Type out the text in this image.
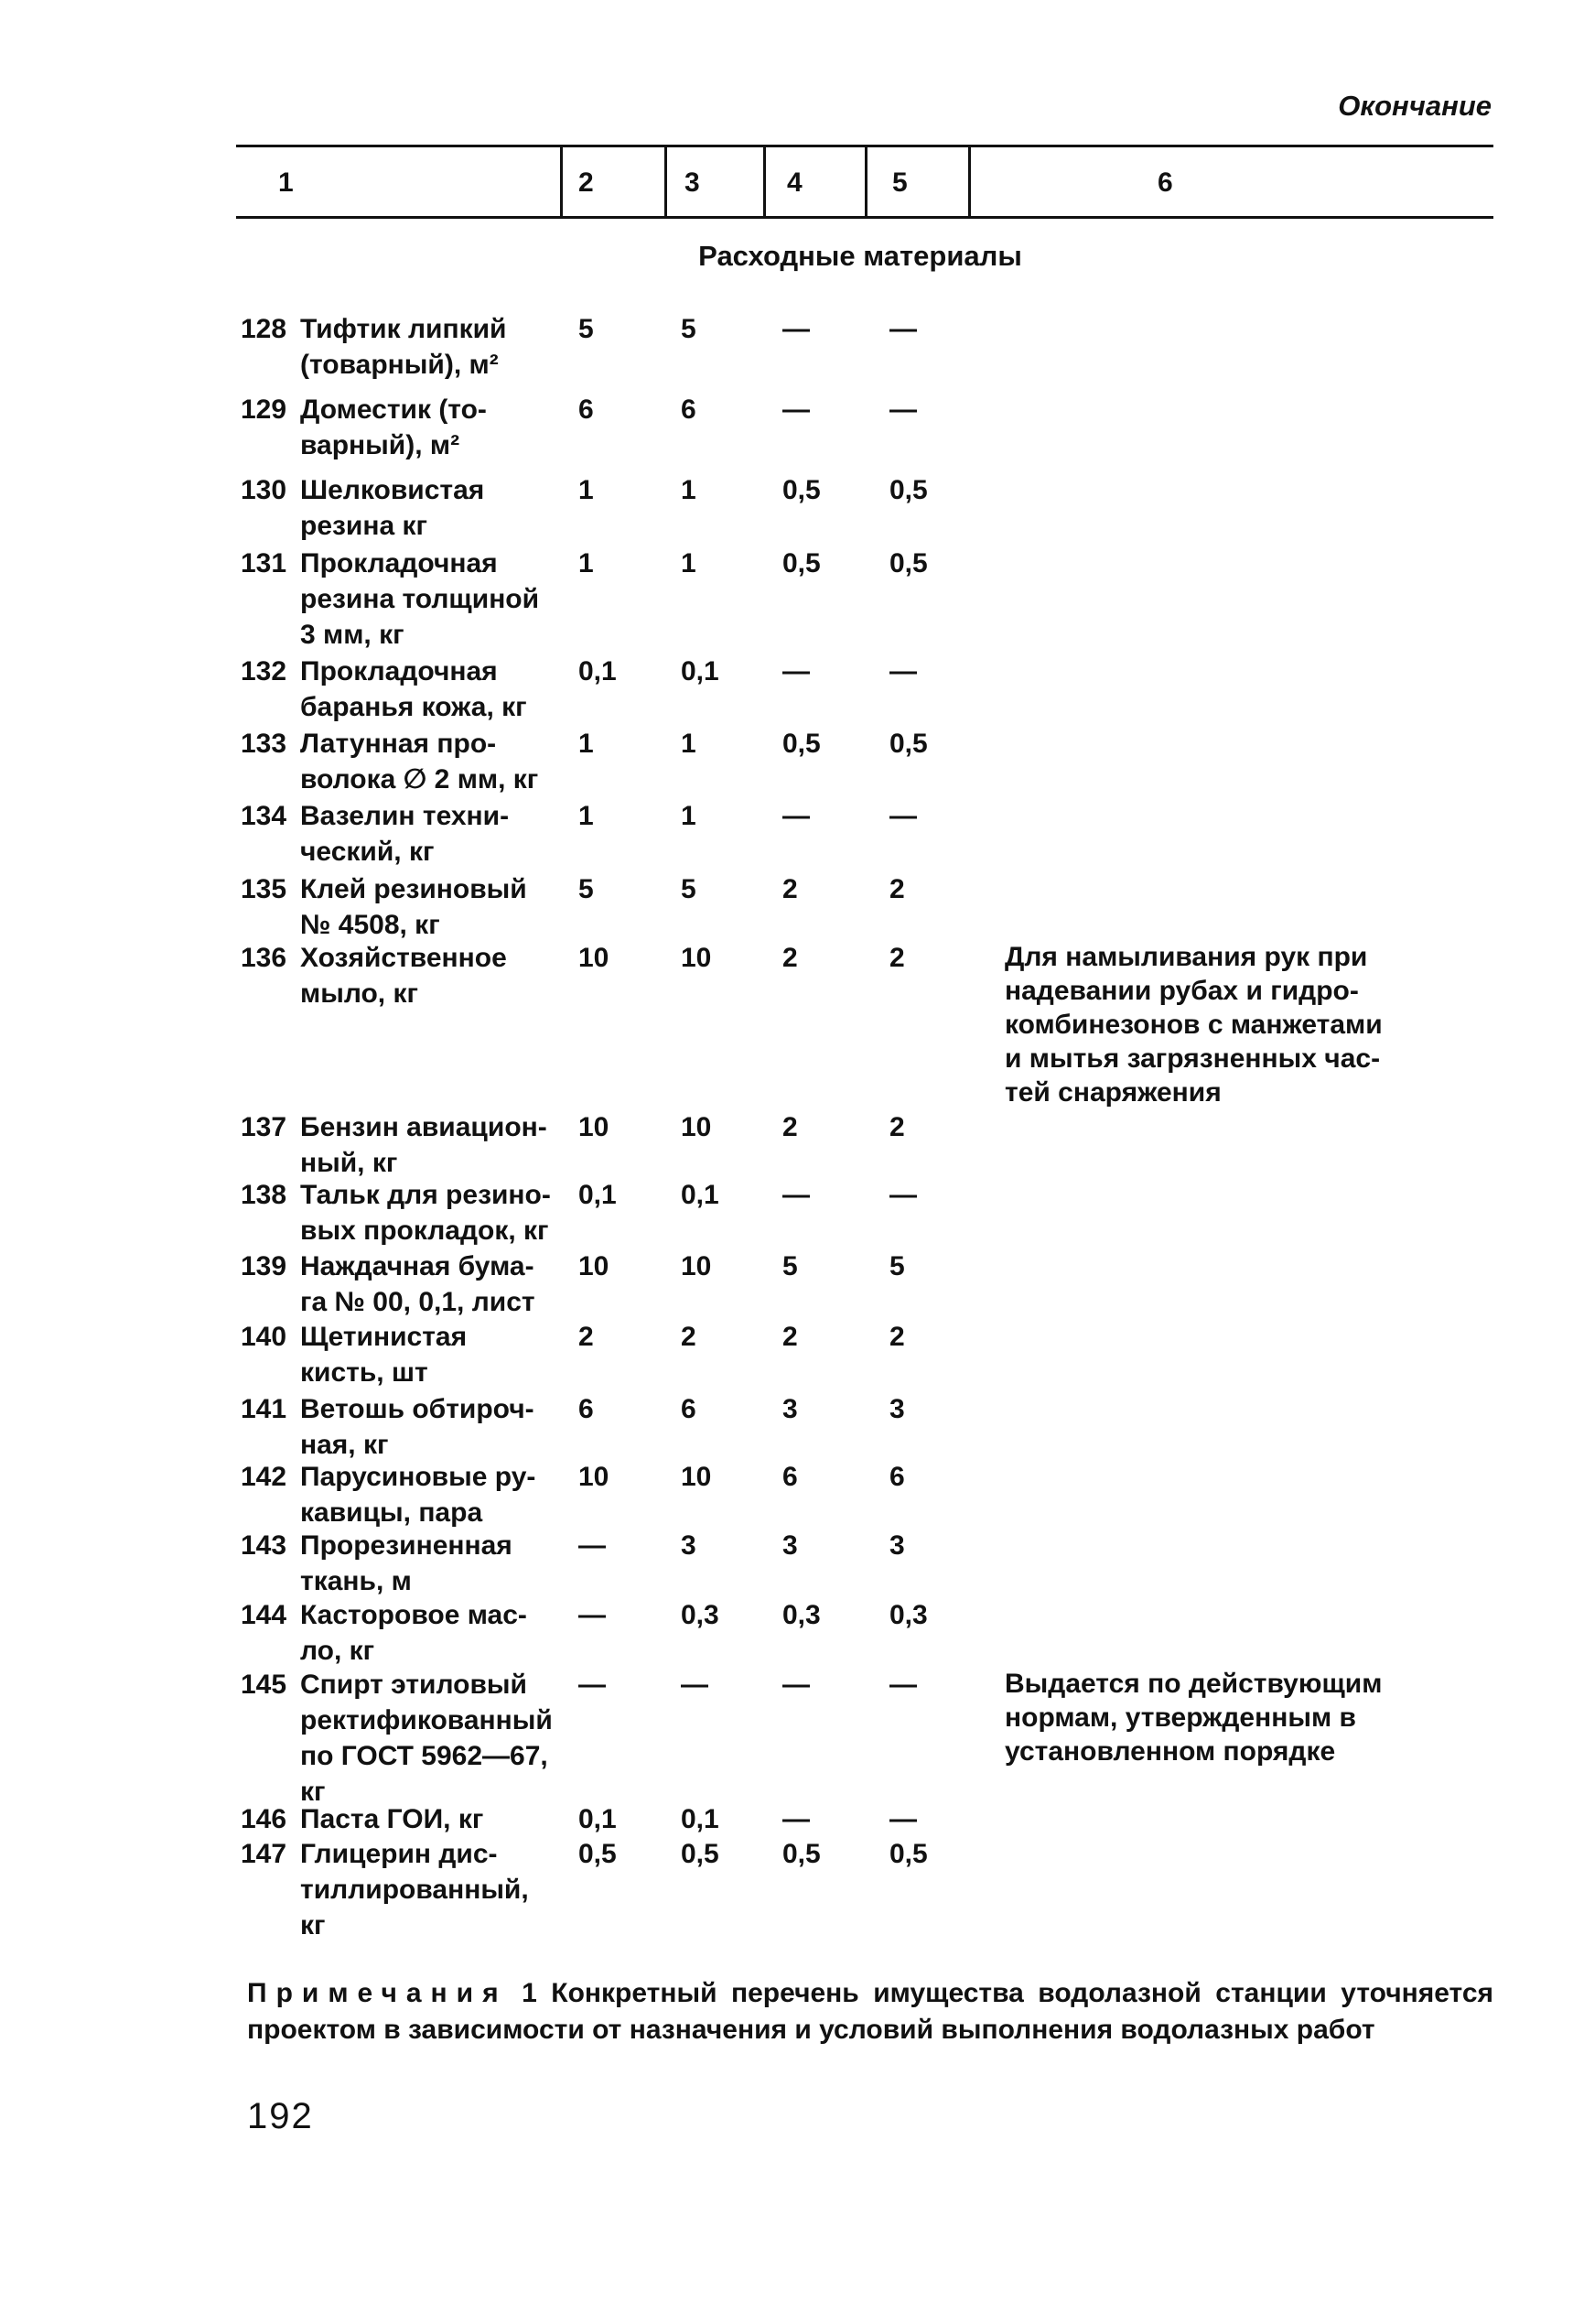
Окончание
1	2	3	4	5	6
Расходные материалы
128 Тифтик липкий
(товарный), м²
5	5	—	—
129 Доместик (то-
варный), м²
6	6	—	—
130 Шелковистая
резина кг
1	1	0,5	0,5
131 Прокладочная
резина толщиной
3 мм, кг
1	1	0,5	0,5
132 Прокладочная
баранья кожа, кг
0,1 0,1 —	—
133 Латунная про-
волока ∅ 2 мм, кг
1	1	0,5	0,5
134 Вазелин техни-
ческий, кг
1	1	—	—
135 Клей резиновый
№ 4508, кг
5	5	2	2
136 Хозяйственное
мыло, кг
10	10	2	2	Для намыливания рук при
надевании рубах и гидро-
комбинезонов с манжетами
и мытья загрязненных час-
тей снаряжения
137 Бензин авиацион-
ный, кг
10	10	2	2
138 Тальк для резино-
вых прокладок, кг
0,1 0,1 —	—
139 Наждачная бума-
га № 00, 0,1, лист
10	10	5	5
140 Щетинистая
кисть, шт
2	2	2	2
141 Ветошь обтироч-
ная, кг
6	6	3	3
142 Парусиновые ру-
кавицы, пара
10	10	6	6
143 Прорезиненная
ткань, м
—	3	3	3
144 Касторовое мас-
ло, кг
—	0,3 0,3	0,3
145 Спирт этиловый
ректификованный
по ГОСТ 5962—67,
кг
—	—	—	—	Выдается по действующим
нормам, утвержденным в
установленном порядке
146 Паста ГОИ, кг	0,1 0,1 —	—
147 Глицерин дис-
тиллированный,
кг
0,5 0,5 0,5	0,5
Примечания 1 Конкретный перечень имущества водолазной станции уточняется проектом в зависимости от назначения и условий выполнения водолазных работ
192
